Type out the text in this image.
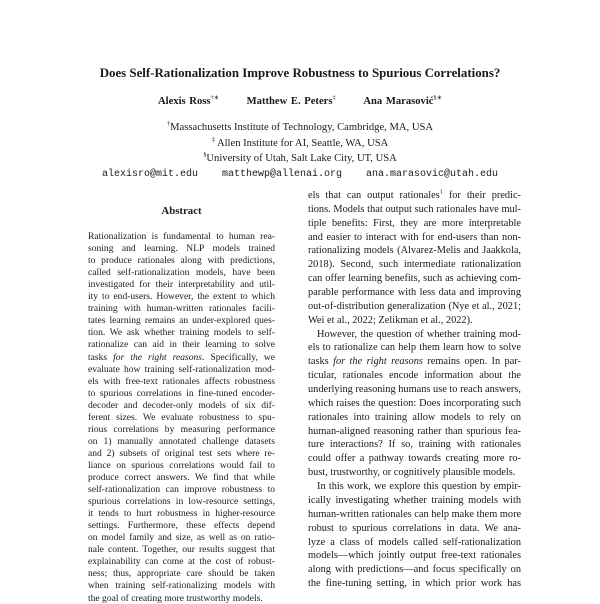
Does Self-Rationalization Improve Robustness to Spurious Correlations?
Alexis Ross†∗	Matthew E. Peters‡	Ana Marasović§∗
†Massachusetts Institute of Technology, Cambridge, MA, USA
‡ Allen Institute for AI, Seattle, WA, USA
§University of Utah, Salt Lake City, UT, USA
alexisro@mit.edu matthewp@allenai.org ana.marasovic@utah.edu
Abstract
Rationalization is fundamental to human rea-
soning and learning. NLP models trained
to produce rationales along with predictions,
called self-rationalization models, have been
investigated for their interpretability and util-
ity to end-users. However, the extent to which
training with human-written rationales facili-
tates learning remains an under-explored ques-
tion. We ask whether training models to self-
rationalize can aid in their learning to solve
tasks for the right reasons. Specifically, we
evaluate how training self-rationalization mod-
els with free-text rationales affects robustness
to spurious correlations in fine-tuned encoder-
decoder and decoder-only models of six dif-
ferent sizes. We evaluate robustness to spu-
rious correlations by measuring performance
on 1) manually annotated challenge datasets
and 2) subsets of original test sets where re-
liance on spurious correlations would fail to
produce correct answers. We find that while
self-rationalization can improve robustness to
spurious correlations in low-resource settings,
it tends to hurt robustness in higher-resource
settings. Furthermore, these effects depend
on model family and size, as well as on ratio-
nale content. Together, our results suggest that
explainability can come at the cost of robust-
ness; thus, appropriate care should be taken
when training self-rationalizing models with
the goal of creating more trustworthy models.
els that can output rationales$^1$ for their predic-
tions. Models that output such rationales have mul-
tiple benefits: First, they are more interpretable
and easier to interact with for end-users than non-
rationalizing models (Alvarez-Melis and Jaakkola,
2018). Second, such intermediate rationalization
can offer learning benefits, such as achieving com-
parable performance with less data and improving
out-of-distribution generalization (Nye et al., 2021;
Wei et al., 2022; Zelikman et al., 2022).
However, the question of whether training mod-
els to rationalize can help them learn how to solve
tasks for the right reasons remains open. In par-
ticular, rationales encode information about the
underlying reasoning humans use to reach answers,
which raises the question: Does incorporating such
rationales into training allow models to rely on
human-aligned reasoning rather than spurious fea-
ture interactions? If so, training with rationales
could offer a pathway towards creating more ro-
bust, trustworthy, or cognitively plausible models.
In this work, we explore this question by empir-
ically investigating whether training models with
human-written rationales can help make them more
robust to spurious correlations in data. We ana-
lyze a class of models called self-rationalization
models—which jointly output free-text rationales
along with predictions—and focus specifically on
the fine-tuning setting, in which prior work has
